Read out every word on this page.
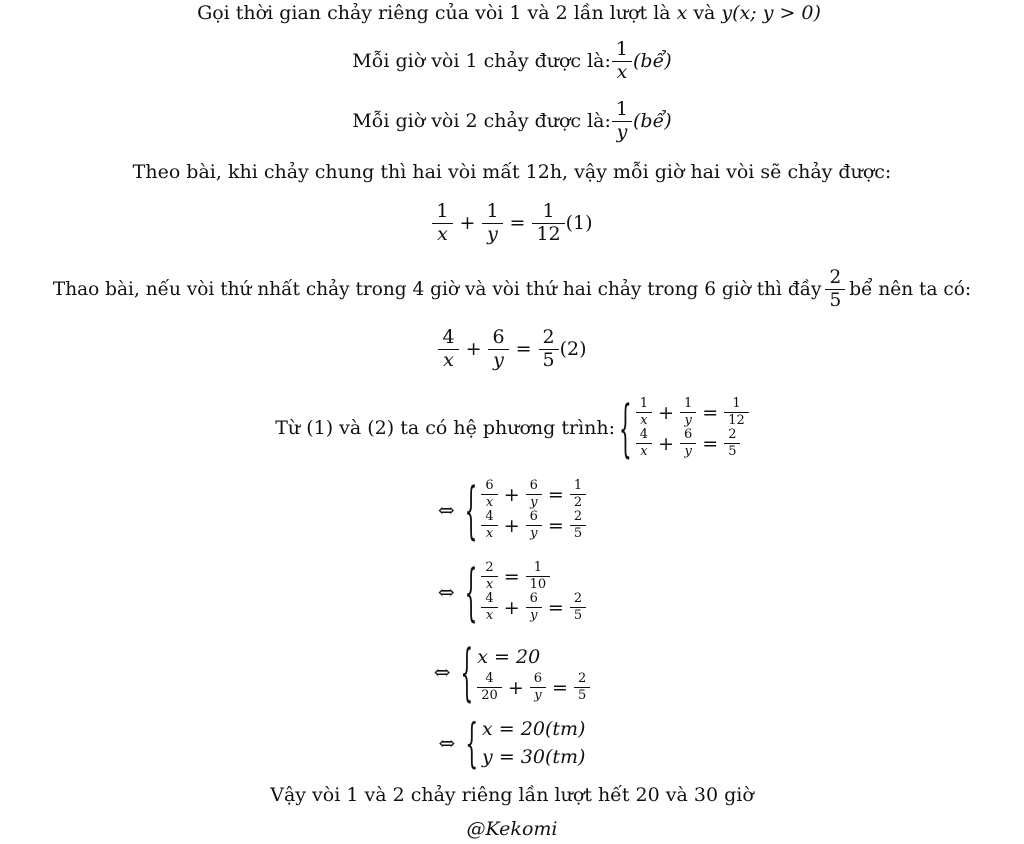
Gọi thời gian chảy riêng của vòi 1 và 2 lần lượt là x và y(x; y > 0)
Mỗi giờ vòi 1 chảy được là: $\frac{1}{x}$ (bể)
Mỗi giờ vòi 2 chảy được là: $\frac{1}{y}$ (bể)
Theo bài, khi chảy chung thì hai vòi mất 12h, vậy mỗi giờ hai vòi sẽ chảy được:
$\frac{1}{x} + \frac{1}{y} = \frac{1}{12} (1)$
Thao bài, nếu vòi thứ nhất chảy trong 4 giờ và vòi thứ hai chảy trong 6 giờ thì đầy $\frac{2}{5}$ bể nên ta có:
$\frac{4}{x} + \frac{6}{y} = \frac{2}{5} (2)$
Từ (1) và (2) ta có hệ phương trình: { $\frac{1}{x} + \frac{1}{y} = \frac{1}{12}$
$\frac{4}{x} + \frac{6}{y} = \frac{2}{5}$
⇔ { $\frac{6}{x} + \frac{6}{y} = \frac{1}{2}$
$\frac{4}{x} + \frac{6}{y} = \frac{2}{5}$
⇔ { $\frac{2}{x} = \frac{1}{10}$
$\frac{4}{x} + \frac{6}{y} = \frac{2}{5}$
⇔ { x = 20
$\frac{4}{20} + \frac{6}{y} = \frac{2}{5}$
⇔ { x = 20(tm)
y = 30(tm)
Vậy vòi 1 và 2 chảy riêng lần lượt hết 20 và 30 giờ
@Kekomi
